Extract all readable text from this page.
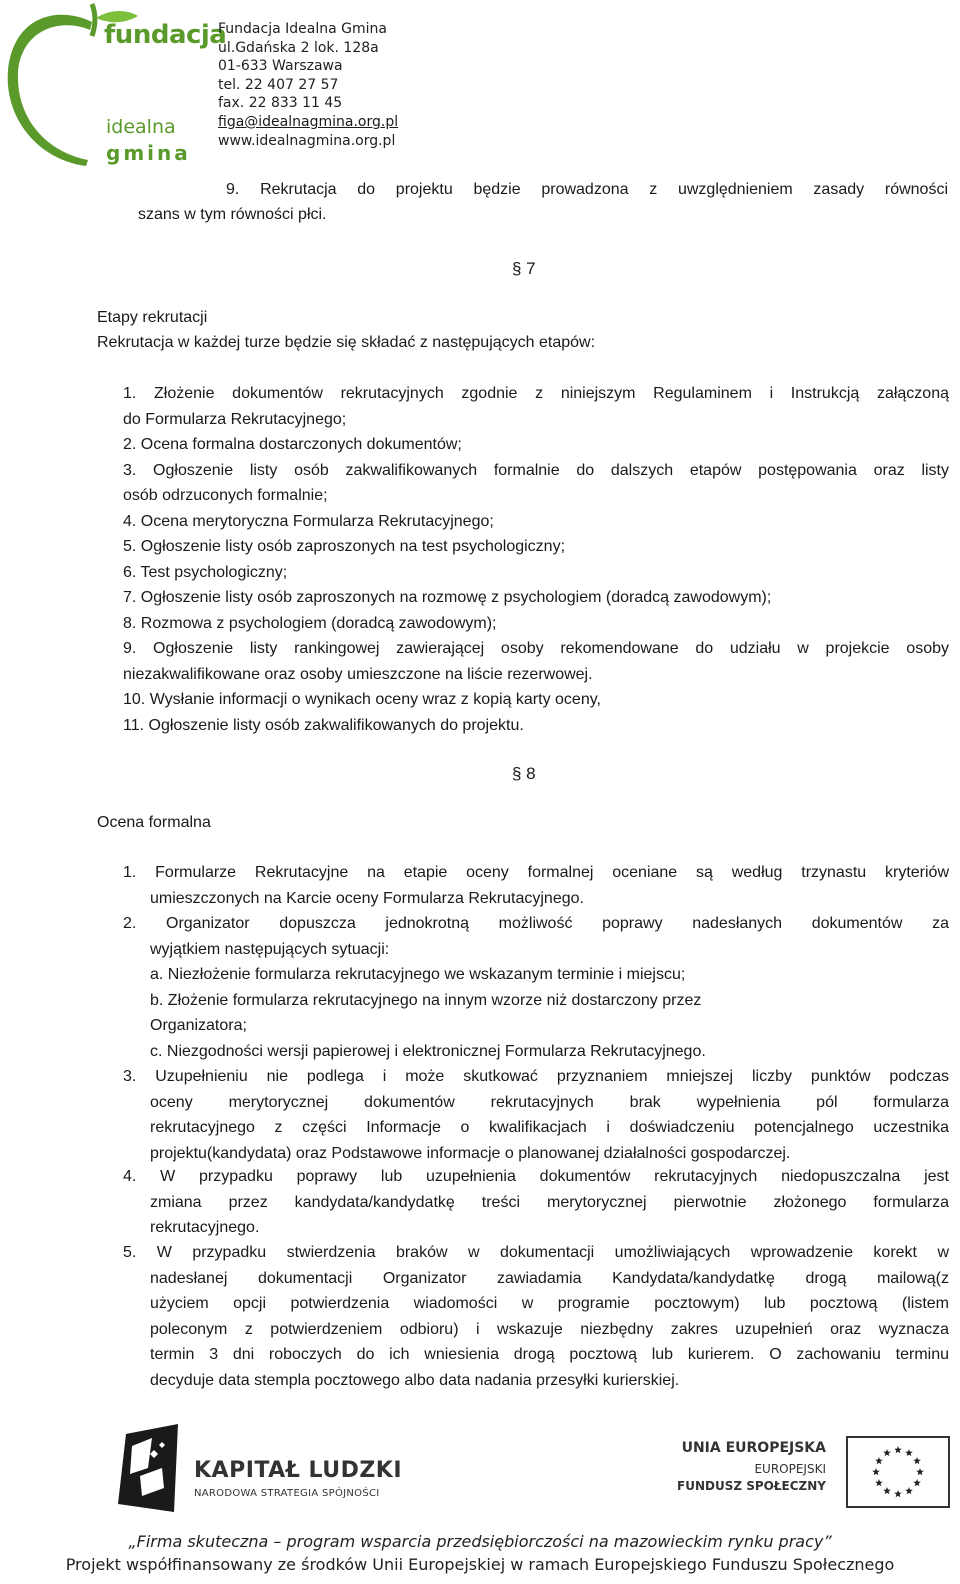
fundacja
idealna
gmina
Fundacja Idealna Gmina
ul.Gdańska 2 lok. 128a
01-633 Warszawa
tel. 22 407 27 57
fax. 22 833 11 45
figa@idealnagmina.org.pl
www.idealnagmina.org.pl
9. Rekrutacja do projektu będzie prowadzona z uwzględnieniem zasady równości
szans w tym równości płci.
§ 7
Etapy rekrutacji
Rekrutacja w każdej turze będzie się składać z następujących etapów:
1. Złożenie dokumentów rekrutacyjnych zgodnie z niniejszym Regulaminem i Instrukcją załączoną
do Formularza Rekrutacyjnego;
2. Ocena formalna dostarczonych dokumentów;
3. Ogłoszenie listy osób zakwalifikowanych formalnie do dalszych etapów postępowania oraz listy
osób odrzuconych formalnie;
4. Ocena merytoryczna Formularza Rekrutacyjnego;
5. Ogłoszenie listy osób zaproszonych na test psychologiczny;
6. Test psychologiczny;
7. Ogłoszenie listy osób zaproszonych na rozmowę z psychologiem (doradcą zawodowym);
8. Rozmowa z psychologiem (doradcą zawodowym);
9. Ogłoszenie listy rankingowej zawierającej osoby rekomendowane do udziału w projekcie osoby
niezakwalifikowane oraz osoby umieszczone na liście rezerwowej.
10. Wysłanie informacji o wynikach oceny wraz z kopią karty oceny,
11. Ogłoszenie listy osób zakwalifikowanych do projektu.
§ 8
Ocena formalna
1. Formularze Rekrutacyjne na etapie oceny formalnej oceniane są według trzynastu kryteriów
umieszczonych na Karcie oceny Formularza Rekrutacyjnego.
2. Organizator dopuszcza jednokrotną możliwość poprawy nadesłanych dokumentów za
wyjątkiem następujących sytuacji:
a. Niezłożenie formularza rekrutacyjnego we wskazanym terminie i miejscu;
b. Złożenie formularza rekrutacyjnego na innym wzorze niż dostarczony przez
Organizatora;
c. Niezgodności wersji papierowej i elektronicznej Formularza Rekrutacyjnego.
3. Uzupełnieniu nie podlega i może skutkować przyznaniem mniejszej liczby punktów podczas
oceny merytorycznej dokumentów rekrutacyjnych brak wypełnienia pól formularza
rekrutacyjnego z części Informacje o kwalifikacjach i doświadczeniu potencjalnego uczestnika
projektu(kandydata) oraz Podstawowe informacje o planowanej działalności gospodarczej.
4. W przypadku poprawy lub uzupełnienia dokumentów rekrutacyjnych niedopuszczalna jest
zmiana przez kandydata/kandydatkę treści merytorycznej pierwotnie złożonego formularza
rekrutacyjnego.
5. W przypadku stwierdzenia braków w dokumentacji umożliwiających wprowadzenie korekt w
nadesłanej dokumentacji Organizator zawiadamia Kandydata/kandydatkę drogą mailową(z
użyciem opcji potwierdzenia wiadomości w programie pocztowym) lub pocztową (listem
poleconym z potwierdzeniem odbioru) i wskazuje niezbędny zakres uzupełnień oraz wyznacza
termin 3 dni roboczych do ich wniesienia drogą pocztową lub kurierem. O zachowaniu terminu
decyduje data stempla pocztowego albo data nadania przesyłki kurierskiej.
KAPITAŁ LUDZKI
NARODOWA STRATEGIA SPÓJNOŚCI
UNIA EUROPEJSKA
EUROPEJSKI
FUNDUSZ SPOŁECZNY
„Firma skuteczna – program wsparcia przedsiębiorczości na mazowieckim rynku pracy”
Projekt współfinansowany ze środków Unii Europejskiej w ramach Europejskiego Funduszu Społecznego
